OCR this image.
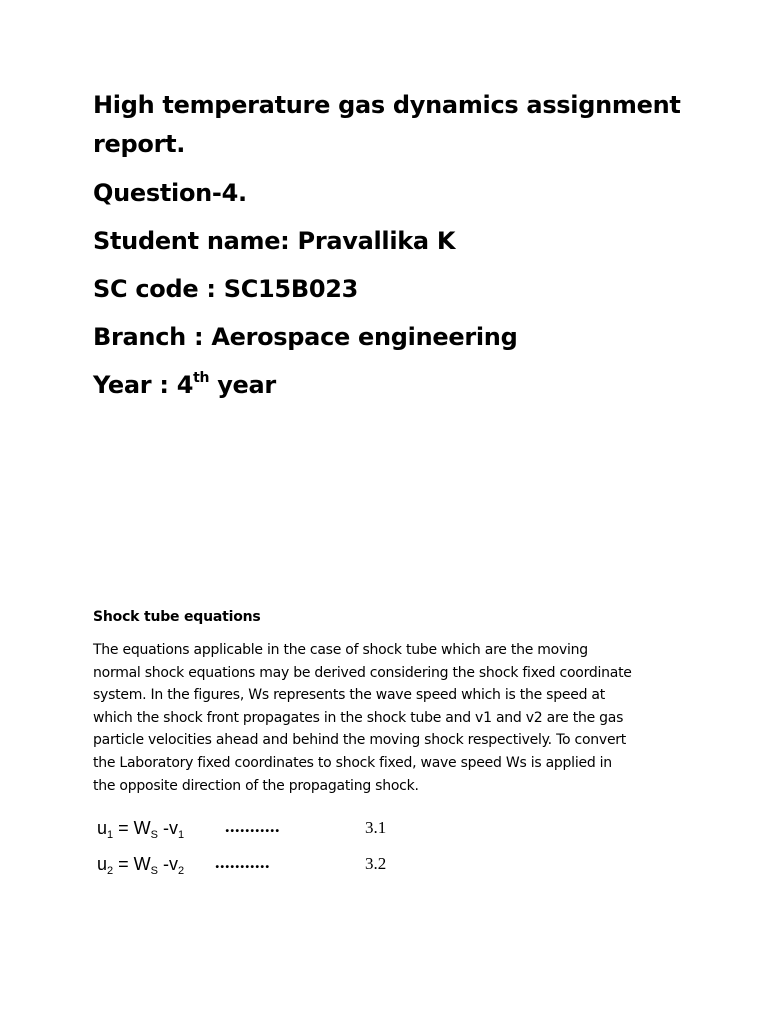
High temperature gas dynamics assignment

report.

Question-4.

Student name: Pravallika K

SC code : SC15B023

Branch : Aerospace engineering

Year : 4th year

Shock tube equations

The equations applicable in the case of shock tube which are the moving
normal shock equations may be derived considering the shock fixed coordinate
system. In the figures, Ws represents the wave speed which is the speed at
which the shock front propagates in the shock tube and v1 and v2 are the gas
particle velocities ahead and behind the moving shock respectively. To convert
the Laboratory fixed coordinates to shock fixed, wave speed Ws is applied in
the opposite direction of the propagating shock.

$u_1 = W_S$ $-v_1$ ...........	3.1
$u_2 = W_S$ $-v_2$ ...........	3.2
